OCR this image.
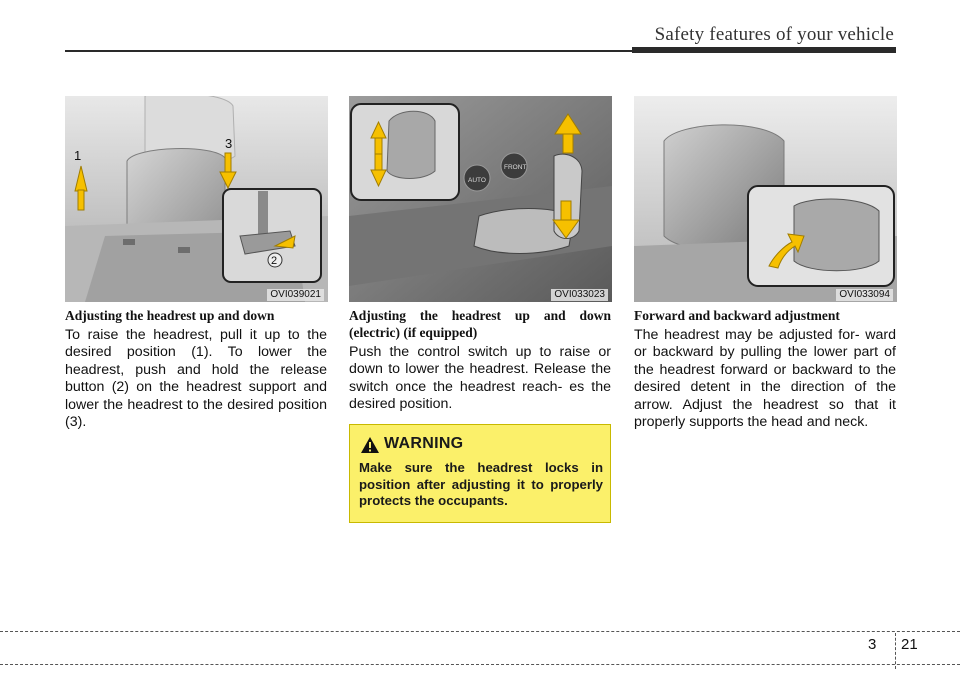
Safety features of your vehicle
1
3
2
OVI039021
AUTO
FRONT
OVI033023	OVI033094
Adjusting the headrest up and down

To raise the headrest, pull it up to the desired position (1). To lower the headrest, push and hold the release button (2) on the headrest support and lower the headrest to the desired position (3).

Adjusting the headrest up and down (electric) (if equipped)

Push the control switch up to raise or down to lower the headrest. Release the switch once the headrest reach- es the desired position.

WARNING

Make sure the headrest locks in position after adjusting it to properly protects the occupants.

Forward and backward adjustment

The headrest may be adjusted for- ward or backward by pulling the lower part of the headrest forward or backward to the desired detent in the direction of the arrow. Adjust the headrest so that it properly supports the head and neck.

3 21
